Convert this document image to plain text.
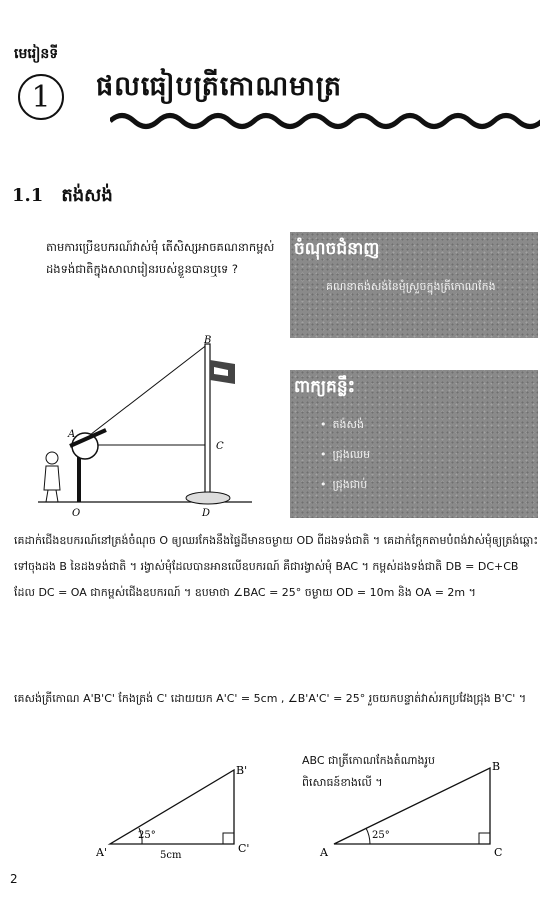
មេរៀនទី
1	ផលធៀបត្រីកោណមាត្រ
1.1 តង់សង់
តាមការប្រើឧបករណ៍វាស់មុំ តើសិស្សអាចគណនាកម្ពស់ដងទង់ជាតិក្នុងសាលារៀនរបស់ខ្លួនបានឬទេ ?
ចំណុចជំនាញ
គណនាតង់សង់នៃមុំស្រួចក្នុងត្រីកោណកែង
ពាក្យគន្លឹះ
• តង់សង់
• ជ្រុងឈម
• ជ្រុងជាប់
B
A
C
O	D
គេដាក់ជើងឧបករណ៍នៅត្រង់ចំណុច O ឲ្យឈរកែងនឹងផ្ទៃដីមានចម្ងាយ OD ពីដងទង់ជាតិ ។ គេដាក់ក្ដែកតាមបំពង់វាស់មុំឲ្យត្រង់ឆ្ពោះទៅចុងដង B នៃដងទង់ជាតិ ។ រង្វាស់មុំដែលបានអានលើឧបករណ៍ គឺជារង្វាស់មុំ BAC ។ កម្ពស់ដងទង់ជាតិ DB = DC+CB ដែល DC = OA ជាកម្ពស់ជើងឧបករណ៍ ។ ឧបមាថា ∠BAC = 25° ចម្ងាយ OD = 10m និង OA = 2m ។
គេសង់ត្រីកោណ A'B'C' កែងត្រង់ C' ដោយយក A'C' = 5cm , ∠B'A'C' = 25° រួចយកបន្ទាត់វាស់រកប្រវែងជ្រុង B'C' ។
B'
A'	C'
25°
5cm
ABC ជាត្រីកោណកែងតំណាងរូបពិសោធន៍ខាងលើ ។
B
A	C
25°
2
